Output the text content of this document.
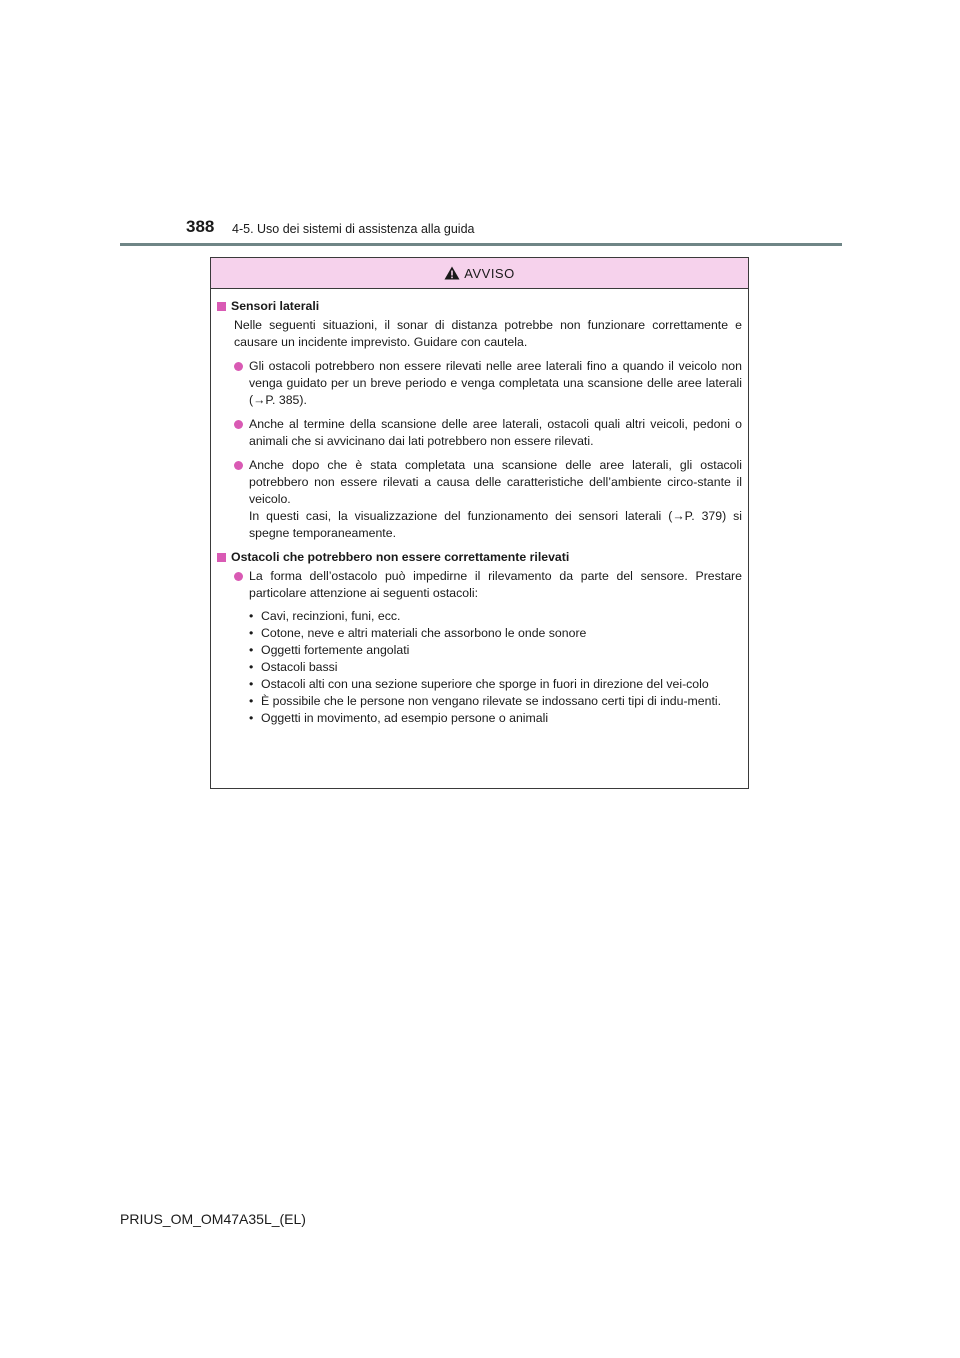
388 4-5. Uso dei sistemi di assistenza alla guida
AVVISO
Sensori laterali
Nelle seguenti situazioni, il sonar di distanza potrebbe non funzionare correttamente e causare un incidente imprevisto. Guidare con cautela.
Gli ostacoli potrebbero non essere rilevati nelle aree laterali fino a quando il veicolo non venga guidato per un breve periodo e venga completata una scansione delle aree laterali (→P. 385).
Anche al termine della scansione delle aree laterali, ostacoli quali altri veicoli, pedoni o animali che si avvicinano dai lati potrebbero non essere rilevati.
Anche dopo che è stata completata una scansione delle aree laterali, gli ostacoli potrebbero non essere rilevati a causa delle caratteristiche dell’ambiente circo-stante il veicolo.
In questi casi, la visualizzazione del funzionamento dei sensori laterali (→P. 379) si spegne temporaneamente.
Ostacoli che potrebbero non essere correttamente rilevati
La forma dell’ostacolo può impedirne il rilevamento da parte del sensore. Prestare particolare attenzione ai seguenti ostacoli:
• Cavi, recinzioni, funi, ecc.
• Cotone, neve e altri materiali che assorbono le onde sonore
• Oggetti fortemente angolati
• Ostacoli bassi
• Ostacoli alti con una sezione superiore che sporge in fuori in direzione del vei-colo
• È possibile che le persone non vengano rilevate se indossano certi tipi di indu-menti.
• Oggetti in movimento, ad esempio persone o animali
PRIUS_OM_OM47A35L_(EL)
